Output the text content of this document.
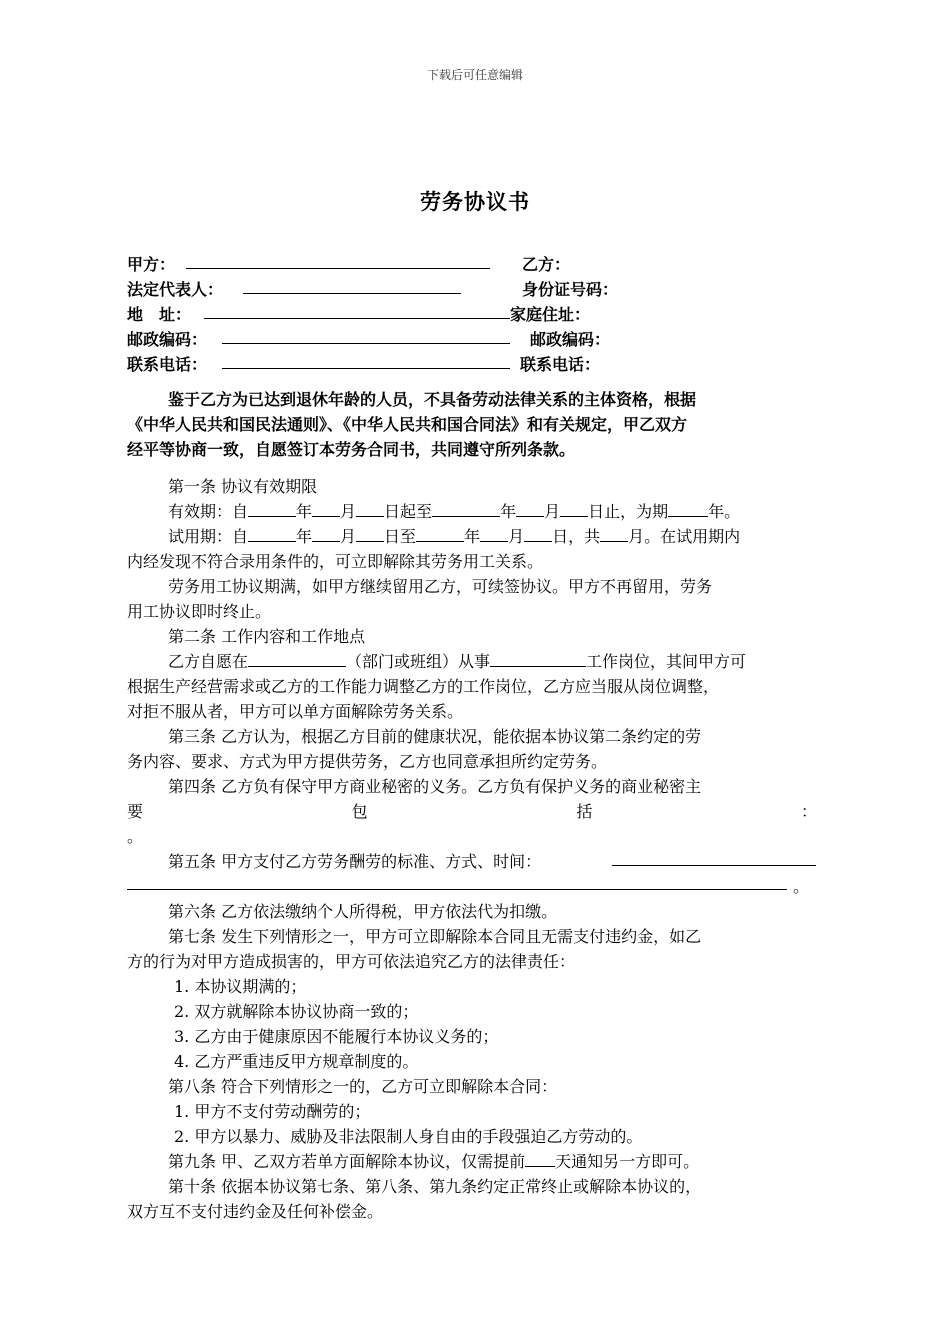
下载后可任意编辑
劳务协议书
甲方：	乙方：
法定代表人：	身份证号码：
地　址：	家庭住址：
邮政编码：	邮政编码：
联系电话：	联系电话：
鉴于乙方为已达到退休年龄的人员，不具备劳动法律关系的主体资格，根据
《中华人民共和国民法通则》、《中华人民共和国合同法》和有关规定，甲乙双方
经平等协商一致，自愿签订本劳务合同书，共同遵守所列条款。
第一条 协议有效期限
有效期：自	年 月 日起至	年 月 日止，为期	年。
试用期：自	年 月 日至	年 月 日，共 月。在试用期内
内经发现不符合录用条件的，可立即解除其劳务用工关系。
劳务用工协议期满，如甲方继续留用乙方，可续签协议。甲方不再留用，劳务
用工协议即时终止。
第二条 工作内容和工作地点
乙方自愿在	（部门或班组）从事	工作岗位，其间甲方可
根据生产经营需求或乙方的工作能力调整乙方的工作岗位，乙方应当服从岗位调整，
对拒不服从者，甲方可以单方面解除劳务关系。
第三条 乙方认为，根据乙方目前的健康状况，能依据本协议第二条约定的劳
务内容、要求、方式为甲方提供劳务，乙方也同意承担所约定劳务。
第四条 乙方负有保守甲方商业秘密的义务。乙方负有保护义务的商业秘密主
要	包	括	：
。
第五条 甲方支付乙方劳务酬劳的标准、方式、时间：
。
第六条 乙方依法缴纳个人所得税，甲方依法代为扣缴。
第七条 发生下列情形之一，甲方可立即解除本合同且无需支付违约金，如乙
方的行为对甲方造成损害的，甲方可依法追究乙方的法律责任：
1. 本协议期满的；
2. 双方就解除本协议协商一致的；
3. 乙方由于健康原因不能履行本协议义务的；
4. 乙方严重违反甲方规章制度的。
第八条 符合下列情形之一的，乙方可立即解除本合同：
1. 甲方不支付劳动酬劳的；
2. 甲方以暴力、威胁及非法限制人身自由的手段强迫乙方劳动的。
第九条 甲、乙双方若单方面解除本协议，仅需提前 天通知另一方即可。
第十条 依据本协议第七条、第八条、第九条约定正常终止或解除本协议的，
双方互不支付违约金及任何补偿金。
